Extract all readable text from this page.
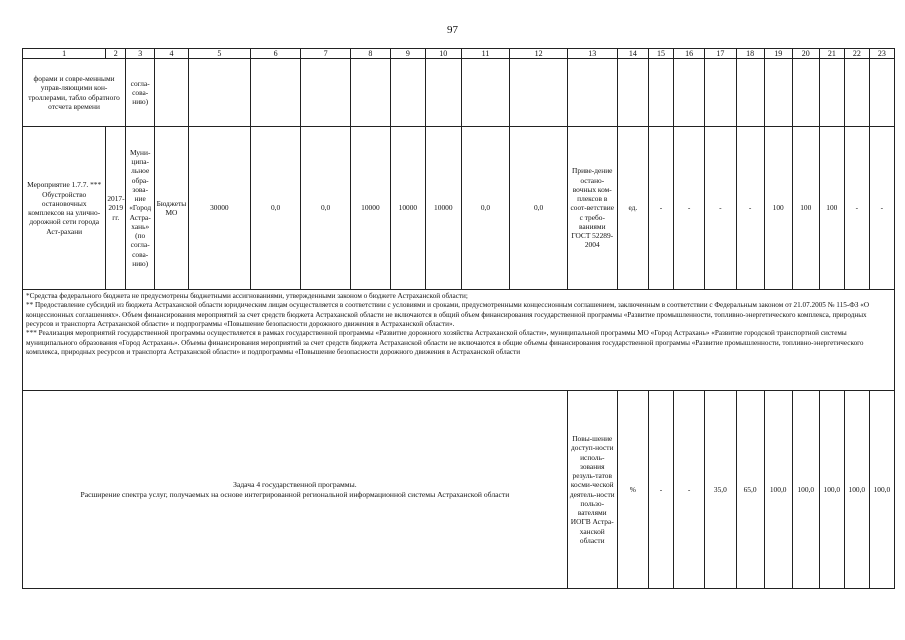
97
1	2	3	4	5	6	7	8	9	10	11	12	13	14	15	16	17	18	19	20	21	22	23
форами и совре-менными управ-ляющими кон-троллерами, табло обратного отсчета времени		согла-сова-нию)																				
Мероприятие 1.7.7. *** Обустройство остановочных комплексов на улично-дорожной сети города Аст-рахани	2017-2019 гг.	Муни-ципа-льное обра-зова-ние «Город Астра-хань» (по согла-сова-нию)	Бюджеты МО	30000	0,0	0,0	10000	10000	10000	0,0	0,0	Приве-дение остано-вочных ком-плексов в соот-ветствие с требо-ваниями ГОСТ 52289-2004	ед.	-	-	-	-	100	100	100	-	-

*Средства федерального бюджета не предусмотрены бюджетными ассигнованиями, утвержденными законом о бюджете Астраханской области;

** Предоставление субсидий из бюджета Астраханской области юридическим лицам осуществляется в соответствии с условиями и сроками, предусмотренными концессионным соглашением, заключенным в соответствии с Федеральным законом от 21.07.2005 № 115-ФЗ «О концессионных соглашениях». Объем финансирования мероприятий за счет средств бюджета Астраханской области не включаются в общий объем финансирования государственной программы «Развитие промышленности, топливно-энергетического комплекса, природных ресурсов и транспорта Астраханской области» и подпрограммы «Повышение безопасности дорожного движения в Астраханской области».

*** Реализация мероприятий государственной программы осуществляется в рамках государственной программы «Развитие дорожного хозяйства Астраханской области», муниципальной программы МО «Город Астрахань» «Развитие городской транспортной системы муниципального образования «Город Астрахань». Объемы финансирования мероприятий за счет средств бюджета Астраханской области не включаются в общие объемы финансирования государственной программы «Развитие промышленности, топливно-энергетического комплекса, природных ресурсов и транспорта Астраханской области» и подпрограммы «Повышение безопасности дорожного движения в Астраханской области																						

Задача 4 государственной программы.
Расширение спектра услуг, получаемых на основе интегрированной региональной информационной системы Астраханской области												Повы-шение доступ-ности исполь-зования резуль-татов косми-ческой деятель-ности пользо-вателями ИОГВ Астра-ханской области	%	-	-	35,0	65,0	100,0	100,0	100,0	100,0	100,0
